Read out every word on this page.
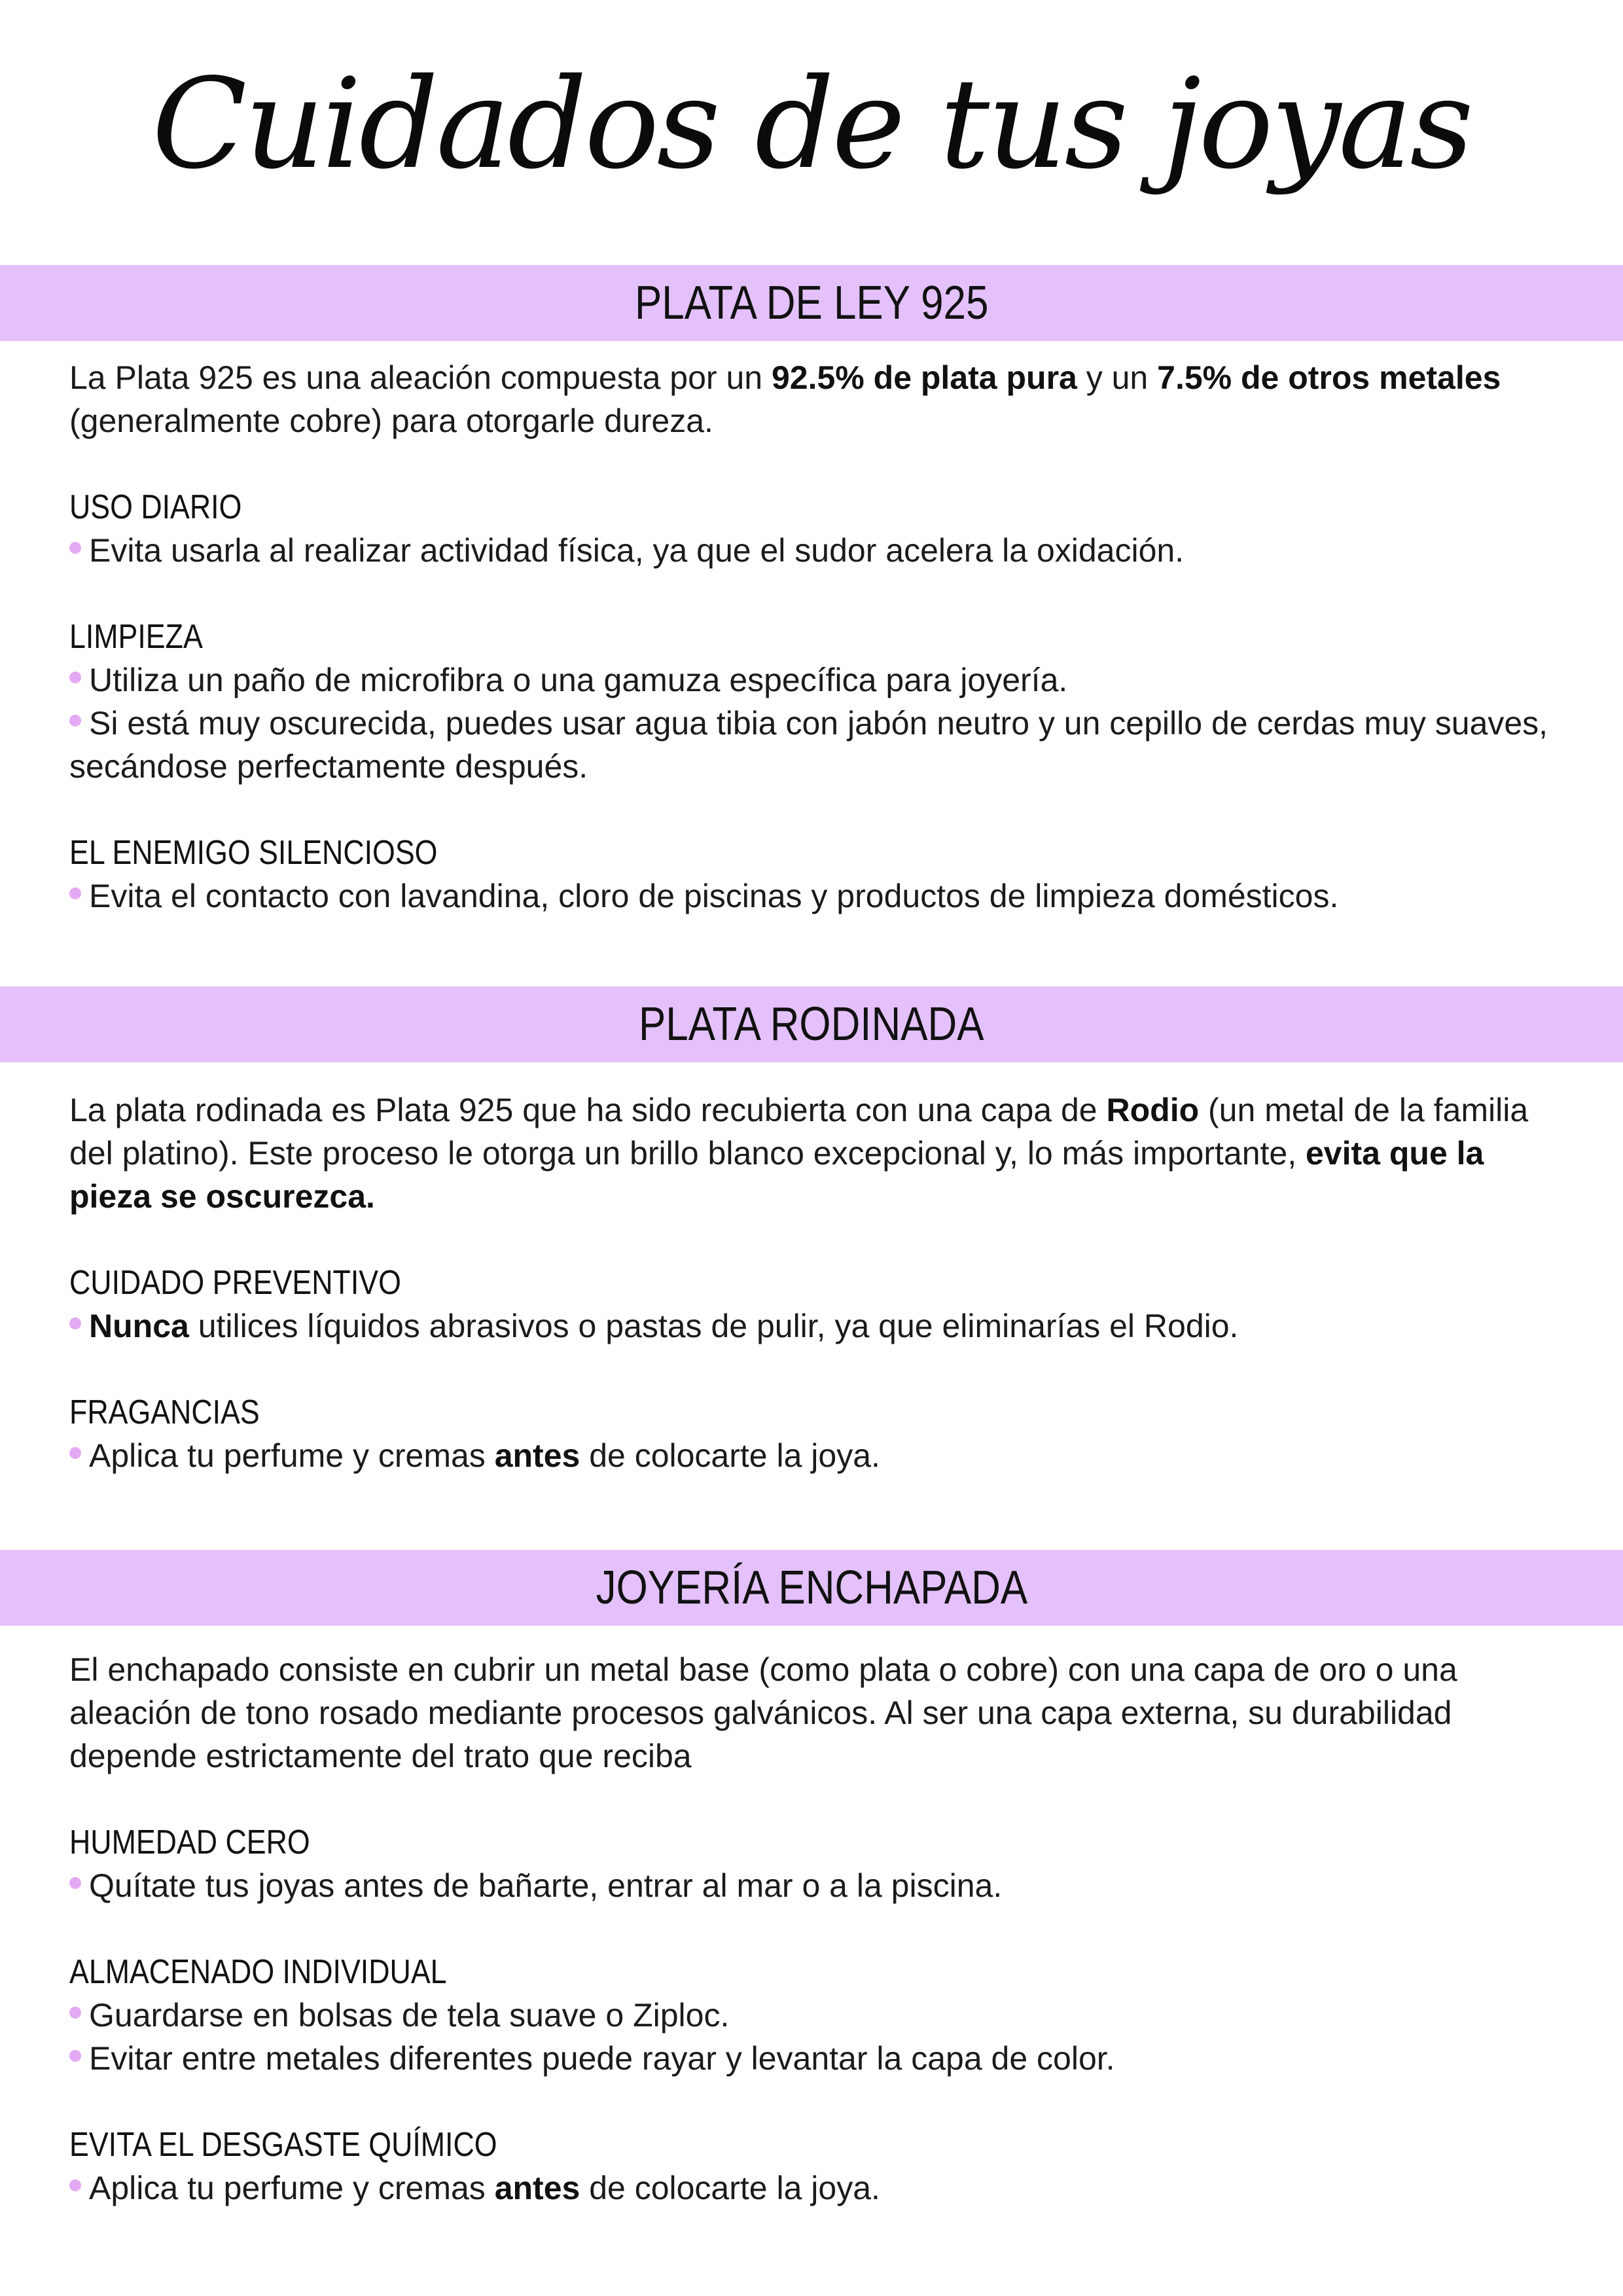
Cuidados de tus joyas
PLATA DE LEY 925

La Plata 925 es una aleación compuesta por un 92.5% de plata pura y un 7.5% de otros metales (generalmente cobre) para otorgarle dureza.

USO DIARIO

Evita usarla al realizar actividad física, ya que el sudor acelera la oxidación.

LIMPIEZA

Utiliza un paño de microfibra o una gamuza específica para joyería.

Si está muy oscurecida, puedes usar agua tibia con jabón neutro y un cepillo de cerdas muy suaves, secándose perfectamente después.

EL ENEMIGO SILENCIOSO

Evita el contacto con lavandina, cloro de piscinas y productos de limpieza domésticos.

PLATA RODINADA

La plata rodinada es Plata 925 que ha sido recubierta con una capa de Rodio (un metal de la familia del platino). Este proceso le otorga un brillo blanco excepcional y, lo más importante, evita que la pieza se oscurezca.

CUIDADO PREVENTIVO

Nunca utilices líquidos abrasivos o pastas de pulir, ya que eliminarías el Rodio.

FRAGANCIAS

Aplica tu perfume y cremas antes de colocarte la joya.

JOYERÍA ENCHAPADA

El enchapado consiste en cubrir un metal base (como plata o cobre) con una capa de oro o una aleación de tono rosado mediante procesos galvánicos. Al ser una capa externa, su durabilidad depende estrictamente del trato que reciba

HUMEDAD CERO

Quítate tus joyas antes de bañarte, entrar al mar o a la piscina.

ALMACENADO INDIVIDUAL

Guardarse en bolsas de tela suave o Ziploc.

Evitar entre metales diferentes puede rayar y levantar la capa de color.

EVITA EL DESGASTE QUÍMICO

Aplica tu perfume y cremas antes de colocarte la joya.
